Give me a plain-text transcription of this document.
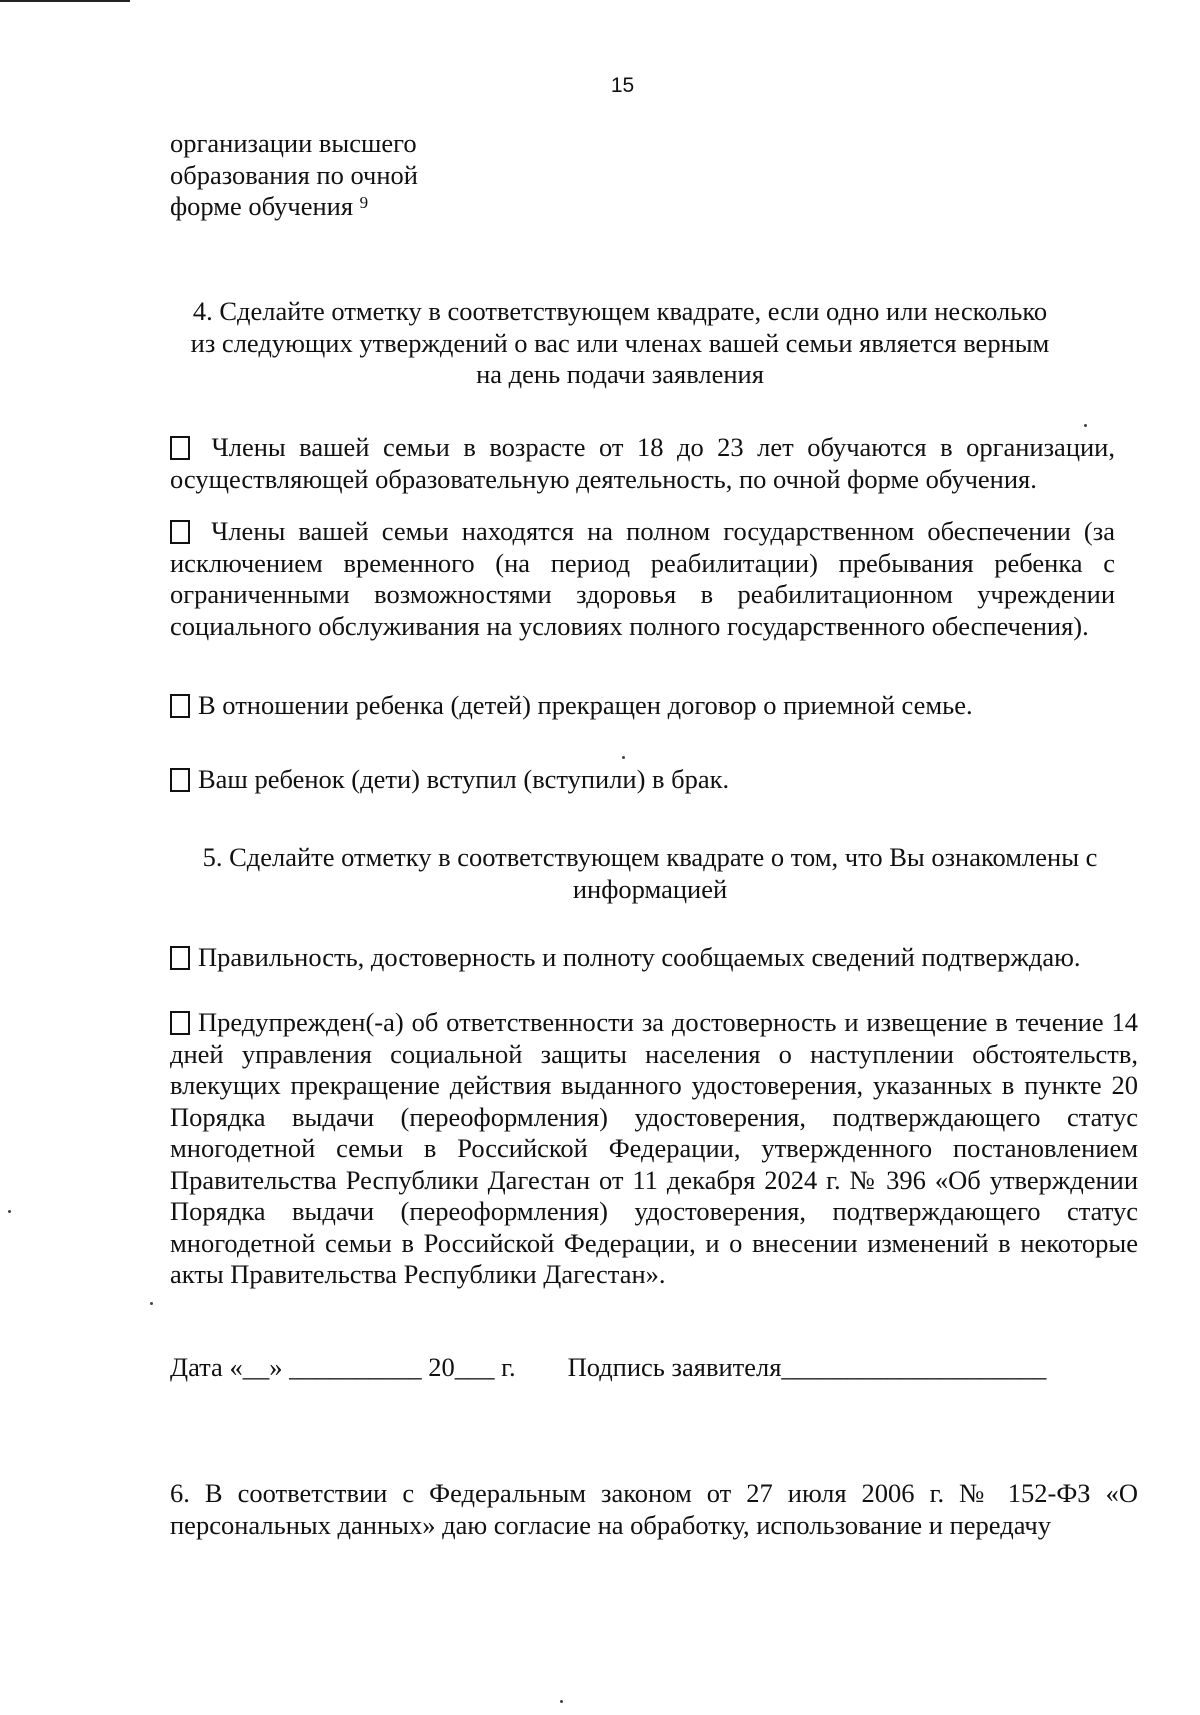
15
организации высшего
образования по очной
форме обучения $^9$
4. Сделайте отметку в соответствующем квадрате, если одно или несколько
из следующих утверждений о вас или членах вашей семьи является верным
на день подачи заявления
Члены вашей семьи в возрасте от 18 до 23 лет обучаются в организации, осуществляющей образовательную деятельность, по очной форме обучения.
Члены вашей семьи находятся на полном государственном обеспечении (за исключением временного (на период реабилитации) пребывания ребенка с ограниченными возможностями здоровья в реабилитационном учреждении социального обслуживания на условиях полного государственного обеспечения).
В отношении ребенка (детей) прекращен договор о приемной семье.
Ваш ребенок (дети) вступил (вступили) в брак.
5. Сделайте отметку в соответствующем квадрате о том, что Вы ознакомлены с
информацией
Правильность, достоверность и полноту сообщаемых сведений подтверждаю.
Предупрежден(-а) об ответственности за достоверность и извещение в течение 14 дней управления социальной защиты населения о наступлении обстоятельств, влекущих прекращение действия выданного удостоверения, указанных в пункте 20 Порядка выдачи (переоформления) удостоверения, подтверждающего статус многодетной семьи в Российской Федерации, утвержденного постановлением Правительства Республики Дагестан от 11 декабря 2024 г. № 396 «Об утверждении Порядка выдачи (переоформления) удостоверения, подтверждающего статус многодетной семьи в Российской Федерации, и о внесении изменений в некоторые акты Правительства Республики Дагестан».
Дата «__» __________ 20___ г. Подпись заявителя____________________
6. В соответствии с Федеральным законом от 27 июля 2006 г. № 152-ФЗ «О персональных данных» даю согласие на обработку, использование и передачу
